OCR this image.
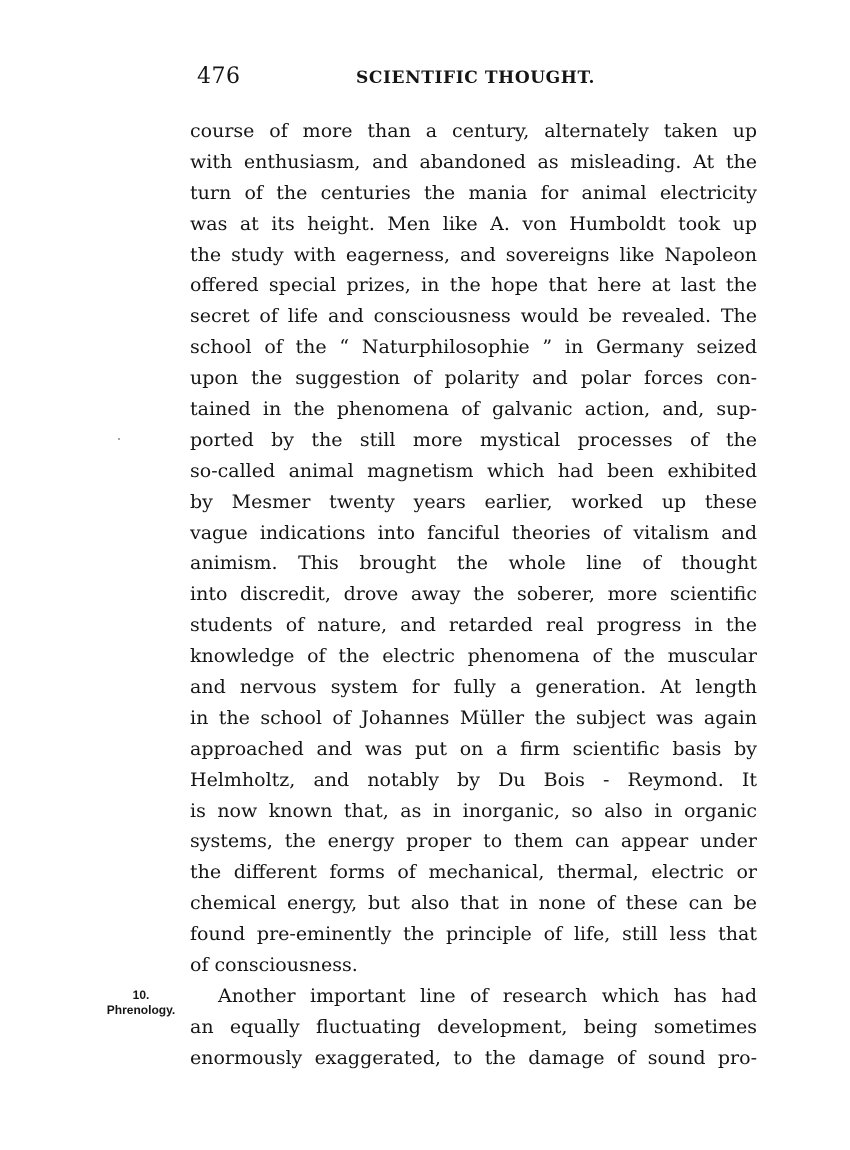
476	SCIENTIFIC THOUGHT.
10.
Phrenology.
course of more than a century, alternately taken up
with enthusiasm, and abandoned as misleading. At the
turn of the centuries the mania for animal electricity
was at its height. Men like A. von Humboldt took up
the study with eagerness, and sovereigns like Napoleon
offered special prizes, in the hope that here at last the
secret of life and consciousness would be revealed. The
school of the “ Naturphilosophie ” in Germany seized
upon the suggestion of polarity and polar forces con-
tained in the phenomena of galvanic action, and, sup-
ported by the still more mystical processes of the
so-called animal magnetism which had been exhibited
by Mesmer twenty years earlier, worked up these
vague indications into fanciful theories of vitalism and
animism. This brought the whole line of thought
into discredit, drove away the soberer, more scientific
students of nature, and retarded real progress in the
knowledge of the electric phenomena of the muscular
and nervous system for fully a generation. At length
in the school of Johannes Müller the subject was again
approached and was put on a firm scientific basis by
Helmholtz, and notably by Du Bois - Reymond. It
is now known that, as in inorganic, so also in organic
systems, the energy proper to them can appear under
the different forms of mechanical, thermal, electric or
chemical energy, but also that in none of these can be
found pre-eminently the principle of life, still less that
of consciousness.
Another important line of research which has had
an equally fluctuating development, being sometimes
enormously exaggerated, to the damage of sound pro-
